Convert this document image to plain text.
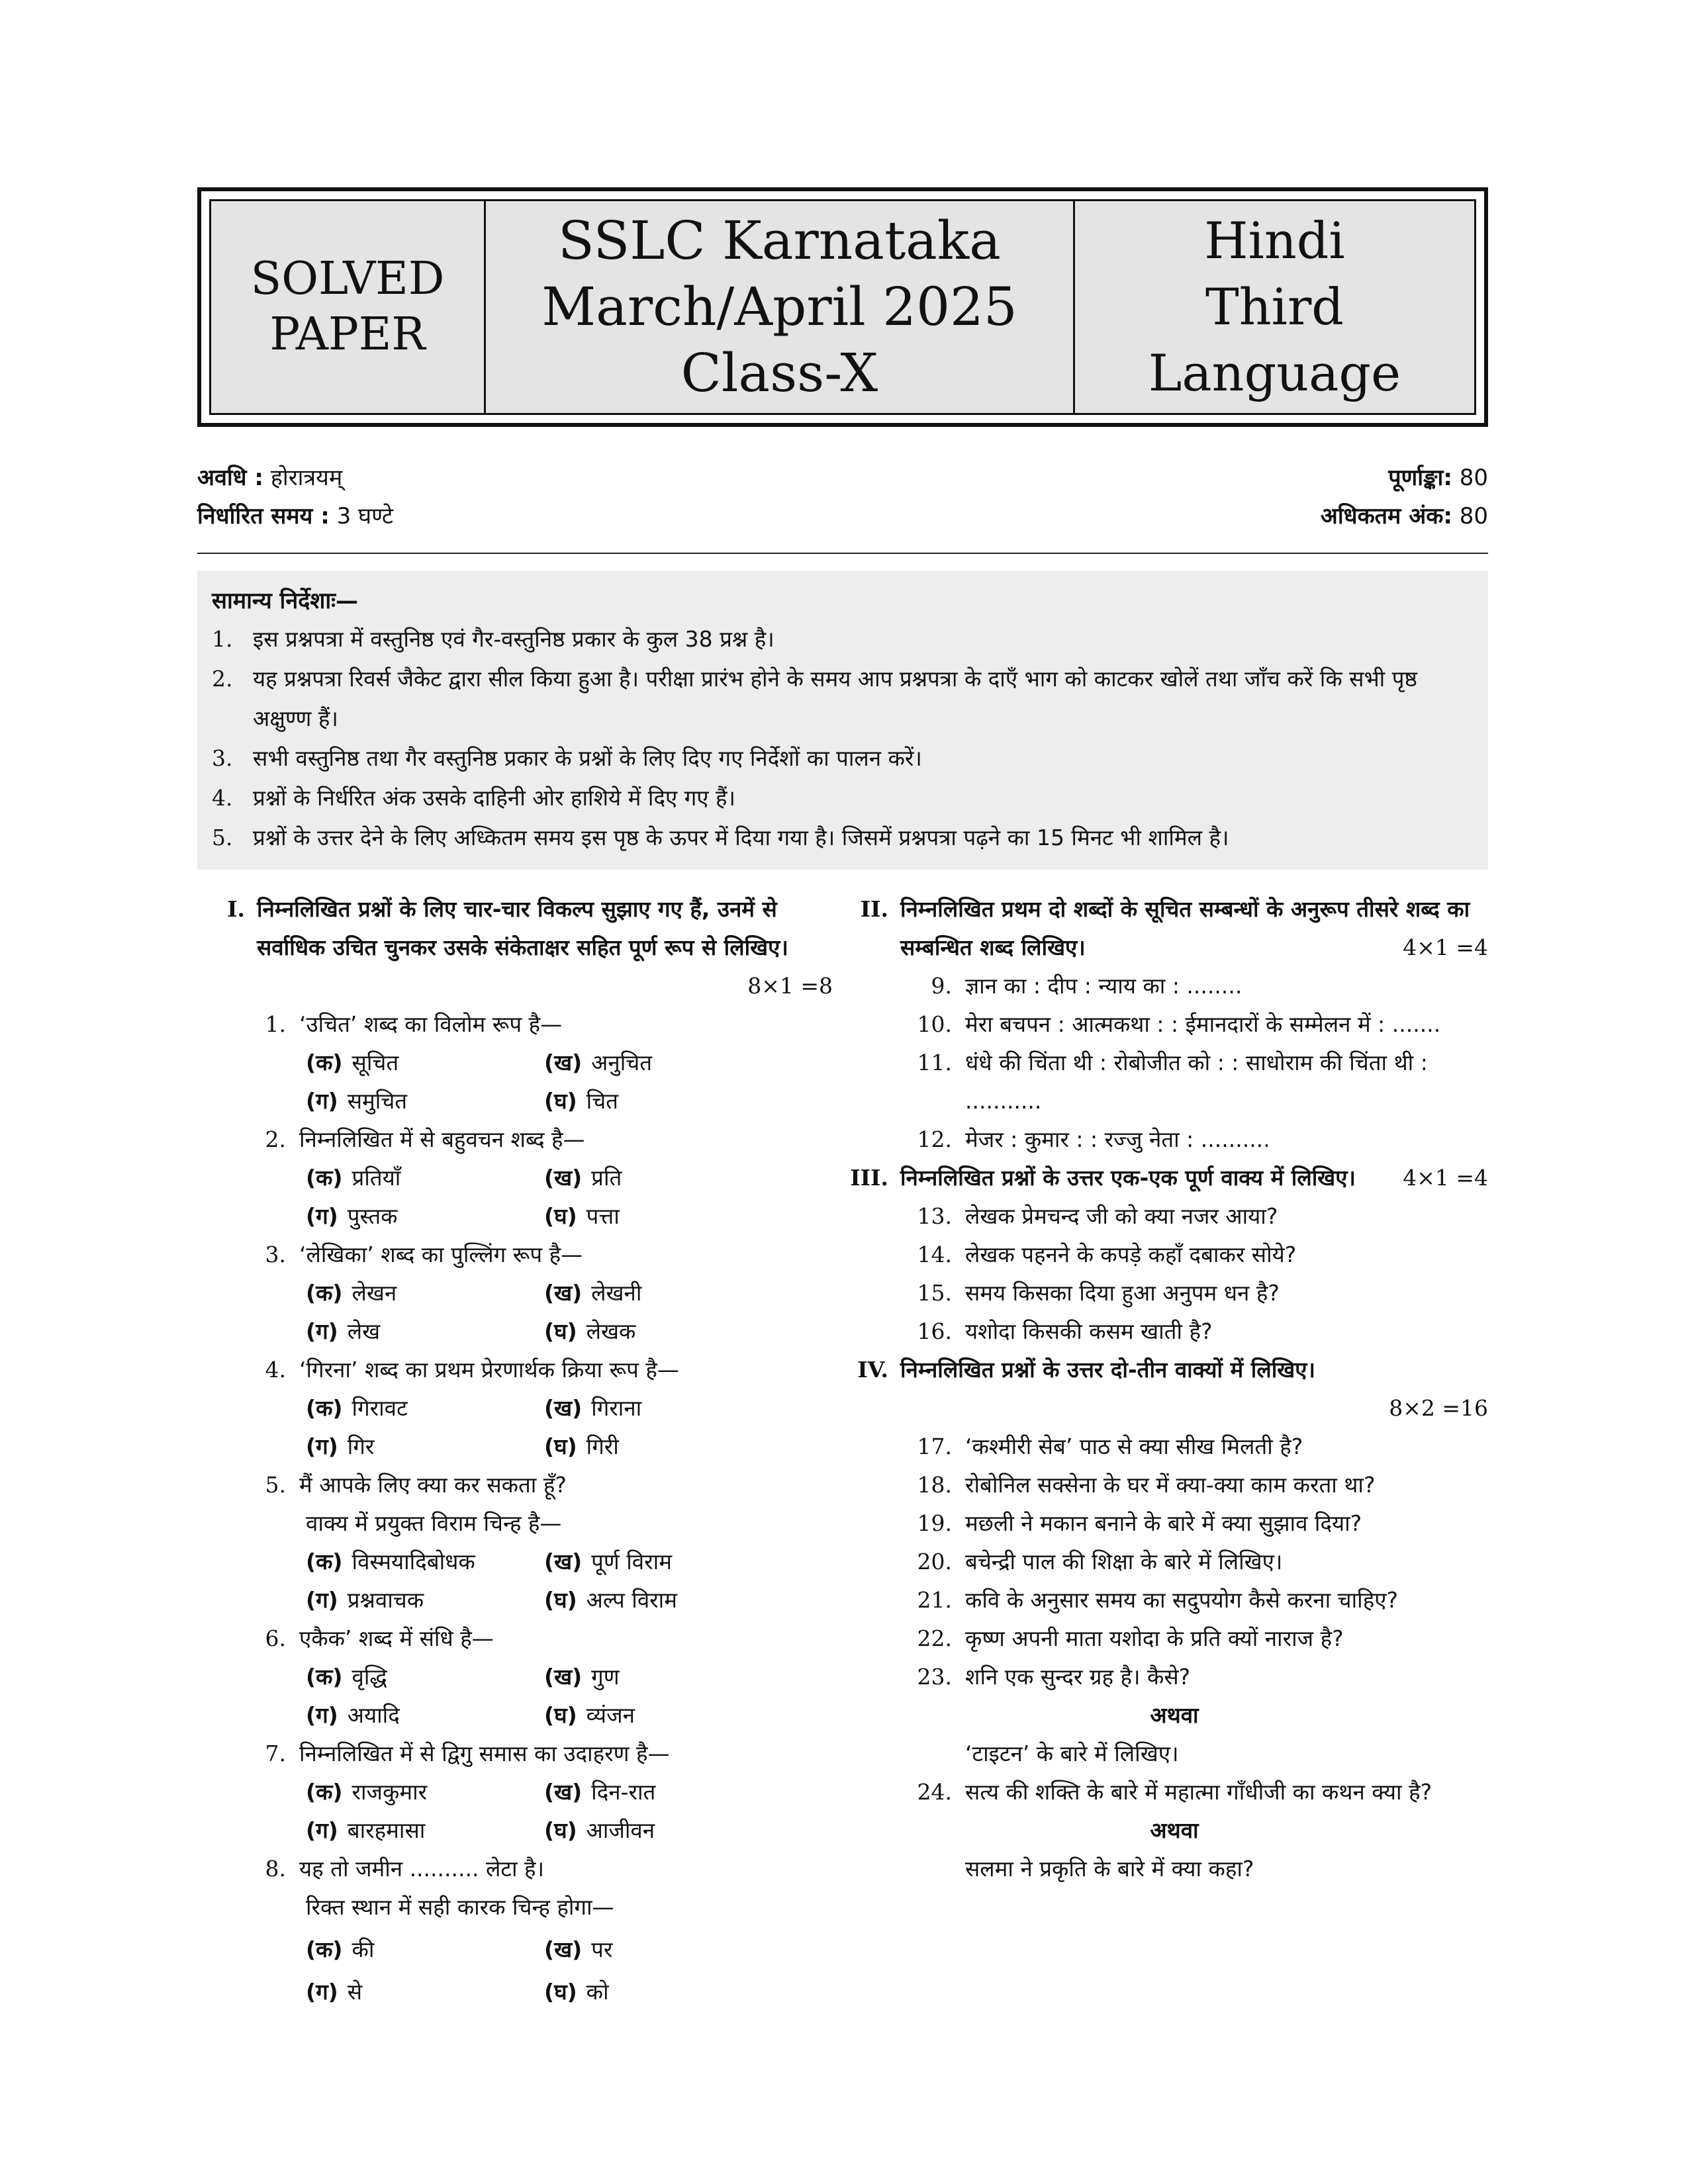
SOLVED
PAPER
SSLC Karnataka
March/April 2025
Class-X
Hindi
Third Language
अवधि : होरात्रयम्
निर्धारित समय : 3 घण्टे
पूर्णाङ्का: 80
अधिकतम अंक: 80
सामान्य निर्देशाः—
1. इस प्रश्नपत्रा में वस्तुनिष्ठ एवं गैर-वस्तुनिष्ठ प्रकार के कुल 38 प्रश्न है।
2. यह प्रश्नपत्रा रिवर्स जैकेट द्वारा सील किया हुआ है। परीक्षा प्रारंभ होने के समय आप प्रश्नपत्रा के दाएँ भाग को काटकर खोलें तथा जाँच करें कि सभी पृष्ठ अक्षुण्ण हैं।
3. सभी वस्तुनिष्ठ तथा गैर वस्तुनिष्ठ प्रकार के प्रश्नों के लिए दिए गए निर्देशों का पालन करें।
4. प्रश्नों के निर्धरित अंक उसके दाहिनी ओर हाशिये में दिए गए हैं।
5. प्रश्नों के उत्तर देने के लिए अध्कितम समय इस पृष्ठ के ऊपर में दिया गया है। जिसमें प्रश्नपत्रा पढ़ने का 15 मिनट भी शामिल है।
I. निम्नलिखित प्रश्नों के लिए चार-चार विकल्प सुझाए गए हैं, उनमें से सर्वाधिक उचित चुनकर उसके संकेताक्षर सहित पूर्ण रूप से लिखिए।
8×1 =8
1. ‘उचित’ शब्द का विलोम रूप है—
(क) सूचित	(ख) अनुचित
(ग) समुचित	(घ) चित
2. निम्नलिखित में से बहुवचन शब्द है—
(क) प्रतियाँ	(ख) प्रति
(ग) पुस्तक	(घ) पत्ता
3. ‘लेखिका’ शब्द का पुल्लिंग रूप है—
(क) लेखन	(ख) लेखनी
(ग) लेख	(घ) लेखक
4. ‘गिरना’ शब्द का प्रथम प्रेरणार्थक क्रिया रूप है—
(क) गिरावट	(ख) गिराना
(ग) गिर	(घ) गिरी
5. मैं आपके लिए क्या कर सकता हूँ?
वाक्य में प्रयुक्त विराम चिन्ह है—
(क) विस्मयादिबोधक	(ख) पूर्ण विराम
(ग) प्रश्नवाचक	(घ) अल्प विराम
6. एकैक’ शब्द में संधि है—
(क) वृद्धि	(ख) गुण
(ग) अयादि	(घ) व्यंजन
7. निम्नलिखित में से द्विगु समास का उदाहरण है—
(क) राजकुमार	(ख) दिन-रात
(ग) बारहमासा	(घ) आजीवन
8. यह तो जमीन .......... लेटा है।
रिक्त स्थान में सही कारक चिन्ह होगा—
(क) की	(ख) पर
(ग) से	(घ) को
II. निम्नलिखित प्रथम दो शब्दों के सूचित सम्बन्धों के अनुरूप तीसरे शब्द का सम्बन्धित शब्द लिखिए।	4×1 =4
9. ज्ञान का : दीप : न्याय का : ........
10. मेरा बचपन : आत्मकथा : : ईमानदारों के सम्मेलन में : .......
11. धंधे की चिंता थी : रोबोजीत को : : साधोराम की चिंता थी : ...........
12. मेजर : कुमार : : रज्जु नेता : ..........
III. निम्नलिखित प्रश्नों के उत्तर एक-एक पूर्ण वाक्य में लिखिए। 4×1 =4
13. लेखक प्रेमचन्द जी को क्या नजर आया?
14. लेखक पहनने के कपड़े कहाँ दबाकर सोये?
15. समय किसका दिया हुआ अनुपम धन है?
16. यशोदा किसकी कसम खाती है?
IV. निम्नलिखित प्रश्नों के उत्तर दो-तीन वाक्यों में लिखिए।
8×2 =16
17. ‘कश्मीरी सेब’ पाठ से क्या सीख मिलती है?
18. रोबोनिल सक्सेना के घर में क्या-क्या काम करता था?
19. मछली ने मकान बनाने के बारे में क्या सुझाव दिया?
20. बचेन्द्री पाल की शिक्षा के बारे में लिखिए।
21. कवि के अनुसार समय का सदुपयोग कैसे करना चाहिए?
22. कृष्ण अपनी माता यशोदा के प्रति क्यों नाराज है?
23. शनि एक सुन्दर ग्रह है। कैसे?
अथवा
‘टाइटन’ के बारे में लिखिए।
24. सत्य की शक्ति के बारे में महात्मा गाँधीजी का कथन क्या है?
अथवा
सलमा ने प्रकृति के बारे में क्या कहा?
